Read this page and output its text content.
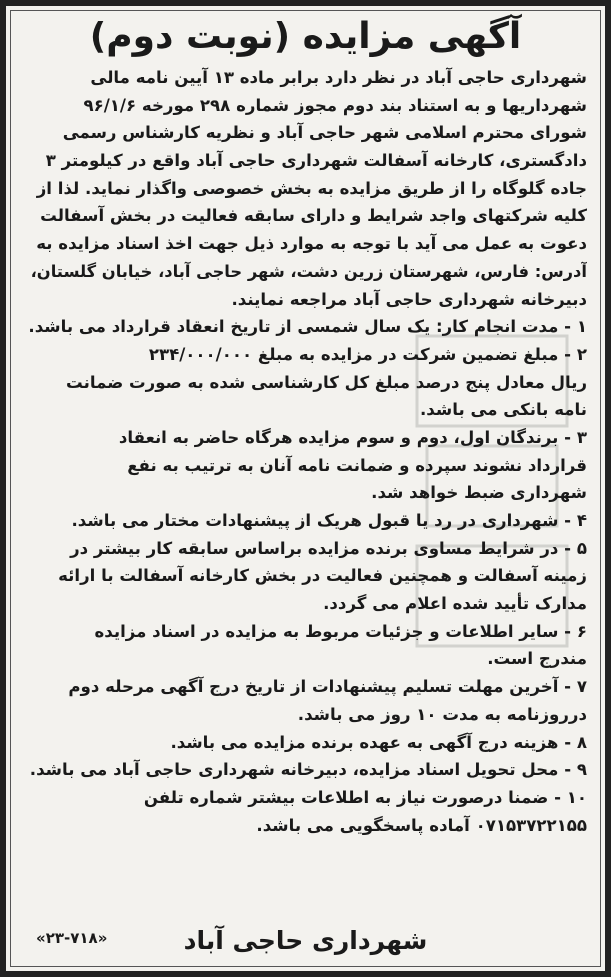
آگهی مزایده (نوبت دوم)
شهرداری حاجی آباد در نظر دارد برابر ماده ۱۳ آیین نامه مالی
شهرداریها و به استناد بند دوم مجوز شماره ۲۹۸ مورخه ۹۶/۱/۶
شورای محترم اسلامی شهر حاجی آباد و نظریه کارشناس رسمی
دادگستری، کارخانه آسفالت شهرداری حاجی آباد واقع در کیلومتر ۳
جاده گلوگاه را از طریق مزایده به بخش خصوصی واگذار نماید. لذا از
کلیه شرکتهای واجد شرایط و دارای سابقه فعالیت در بخش آسفالت
دعوت به عمل می آید با توجه به موارد ذیل جهت اخذ اسناد مزایده به
آدرس: فارس، شهرستان زرین دشت، شهر حاجی آباد، خیابان گلستان،
دبیرخانه شهرداری حاجی آباد مراجعه نمایند.
۱ - مدت انجام کار: یک سال شمسی از تاریخ انعقاد قرارداد می باشد.
۲ - مبلغ تضمین شرکت در مزایده به مبلغ ۲۳۴/۰۰۰/۰۰۰
ریال معادل پنج درصد مبلغ کل کارشناسی شده به صورت ضمانت
نامه بانکی می باشد.
۳ - برندگان اول، دوم و سوم مزایده هرگاه حاضر به انعقاد
قرارداد نشوند سپرده و ضمانت نامه آنان به ترتیب به نفع
شهرداری ضبط خواهد شد.
۴ - شهرداری در رد یا قبول هریک از پیشنهادات مختار می باشد.
۵ - در شرایط مساوی برنده مزایده براساس سابقه کار بیشتر در
زمینه آسفالت و همچنین فعالیت در بخش کارخانه آسفالت با ارائه
مدارک تأیید شده اعلام می گردد.
۶ - سایر اطلاعات و جزئیات مربوط به مزایده در اسناد مزایده
مندرج است.
۷ - آخرین مهلت تسلیم پیشنهادات از تاریخ درج آگهی مرحله دوم
درروزنامه به مدت ۱۰ روز می باشد.
۸ - هزینه درج آگهی به عهده برنده مزایده می باشد.
۹ - محل تحویل اسناد مزایده، دبیرخانه شهرداری حاجی آباد می باشد.
۱۰ - ضمنا درصورت نیاز به اطلاعات بیشتر شماره تلفن
۰۷۱۵۳۷۲۲۱۵۵ آماده پاسخگویی می باشد.
شهرداری حاجی آباد
«۲۳-۷۱۸»
